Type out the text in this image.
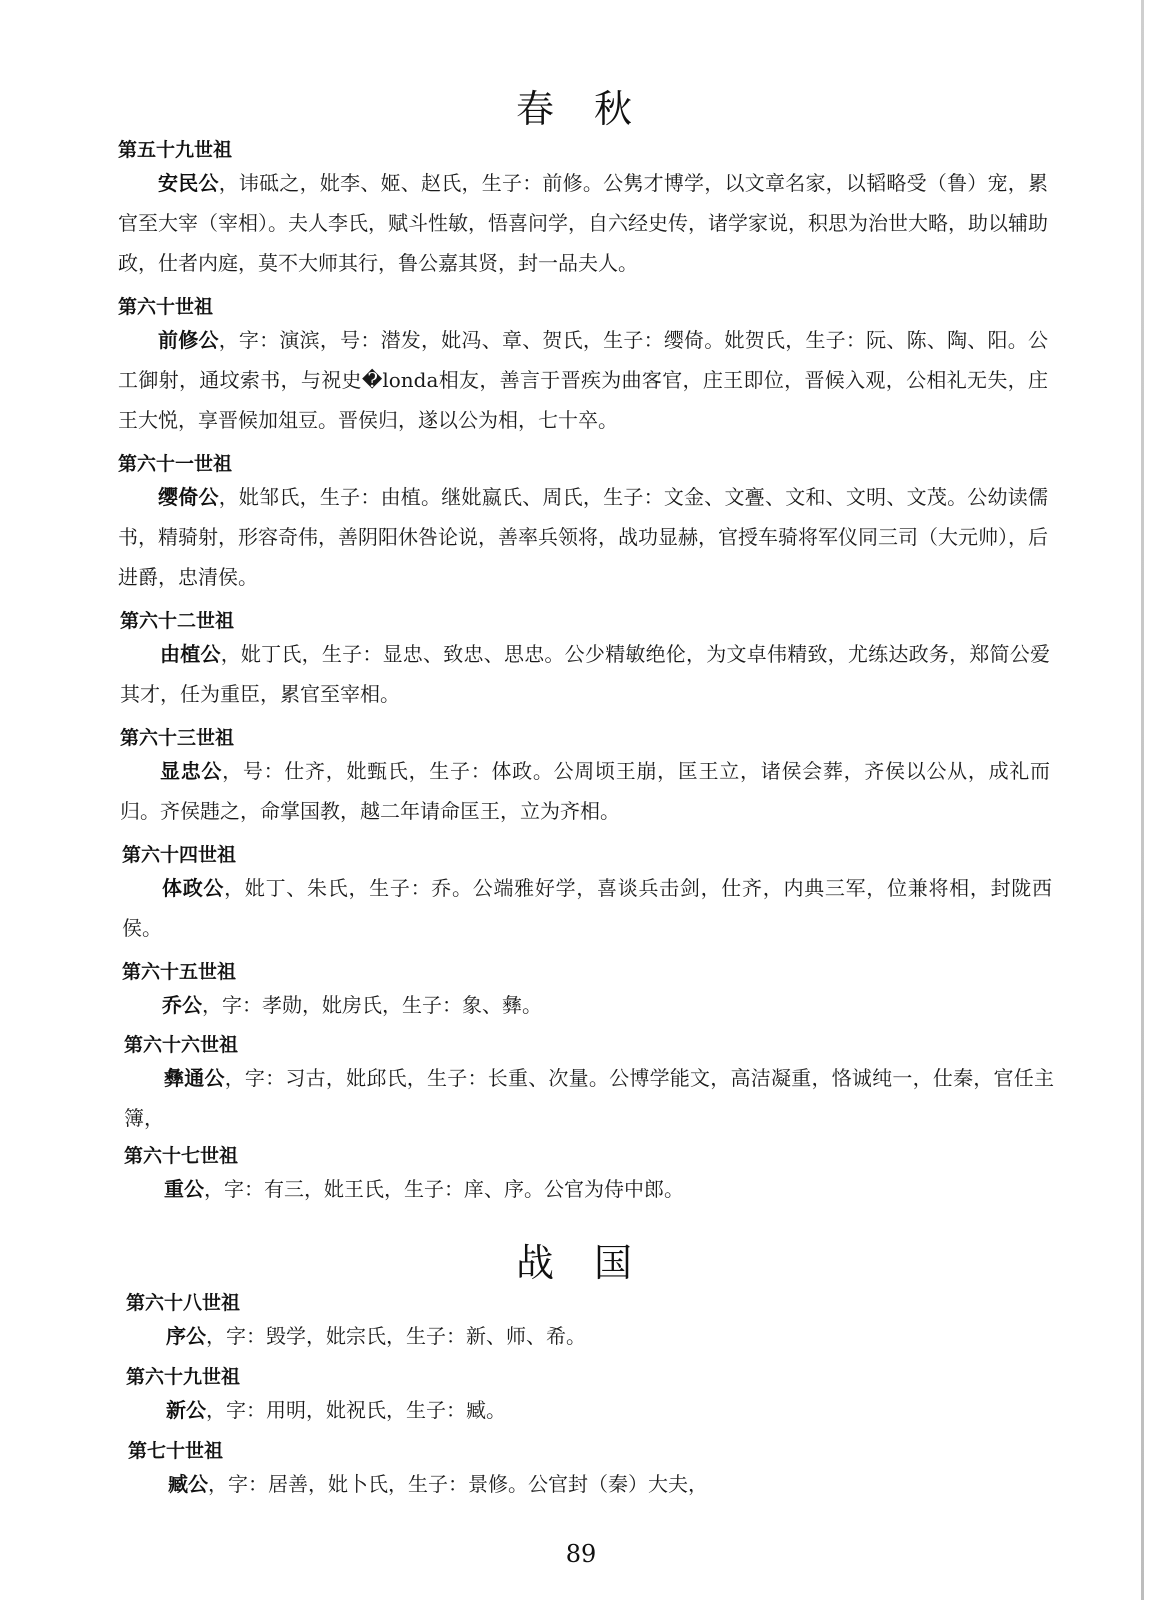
春 秋
第五十九世祖
安民公，讳砥之，妣李、姬、赵氏，生子：前修。公隽才博学，以文章名家，以韬略受（鲁）宠，累官至大宰（宰相）。夫人李氏，赋斗性敏，悟喜问学，自六经史传，诸学家说，积思为治世大略，助以辅助政，仕者内庭，莫不大师其行，鲁公嘉其贤，封一品夫人。
第六十世祖
前修公，字：演滨，号：潜发，妣冯、章、贺氏，生子：缨倚。妣贺氏，生子：阮、陈、陶、阳。公工御射，通坟索书，与祝史�londa相友，善言于晋疾为曲客官，庄王即位，晋候入观，公相礼无失，庄王大悦，享晋候加俎豆。晋侯归，遂以公为相，七十卒。
第六十一世祖
缨倚公，妣邹氏，生子：由植。继妣嬴氏、周氏，生子：文金、文亹、文和、文明、文茂。公幼读儒书，精骑射，形容奇伟，善阴阳休咎论说，善率兵领将，战功显赫，官授车骑将军仪同三司（大元帅），后进爵，忠清侯。
第六十二世祖
由植公，妣丁氏，生子：显忠、致忠、思忠。公少精敏绝伦，为文卓伟精致，尤练达政务，郑简公爱其才，任为重臣，累官至宰相。
第六十三世祖
显忠公，号：仕齐，妣甄氏，生子：体政。公周顷王崩，匡王立，诸侯会葬，齐侯以公从，成礼而归。齐侯韪之，命掌国教，越二年请命匡王，立为齐相。
第六十四世祖
体政公，妣丁、朱氏，生子：乔。公端雅好学，喜谈兵击剑，仕齐，内典三军，位兼将相，封陇西侯。
第六十五世祖
乔公，字：孝勋，妣房氏，生子：象、彝。
第六十六世祖
彝通公，字：习古，妣邱氏，生子：长重、次量。公博学能文，高洁凝重，恪诚纯一，仕秦，官任主簿，
第六十七世祖
重公，字：有三，妣王氏，生子：庠、序。公官为侍中郎。
战 国
第六十八世祖
序公，字：毁学，妣宗氏，生子：新、师、希。
第六十九世祖
新公，字：用明，妣祝氏，生子：臧。
第七十世祖
臧公，字：居善，妣卜氏，生子：景修。公官封（秦）大夫，
89
